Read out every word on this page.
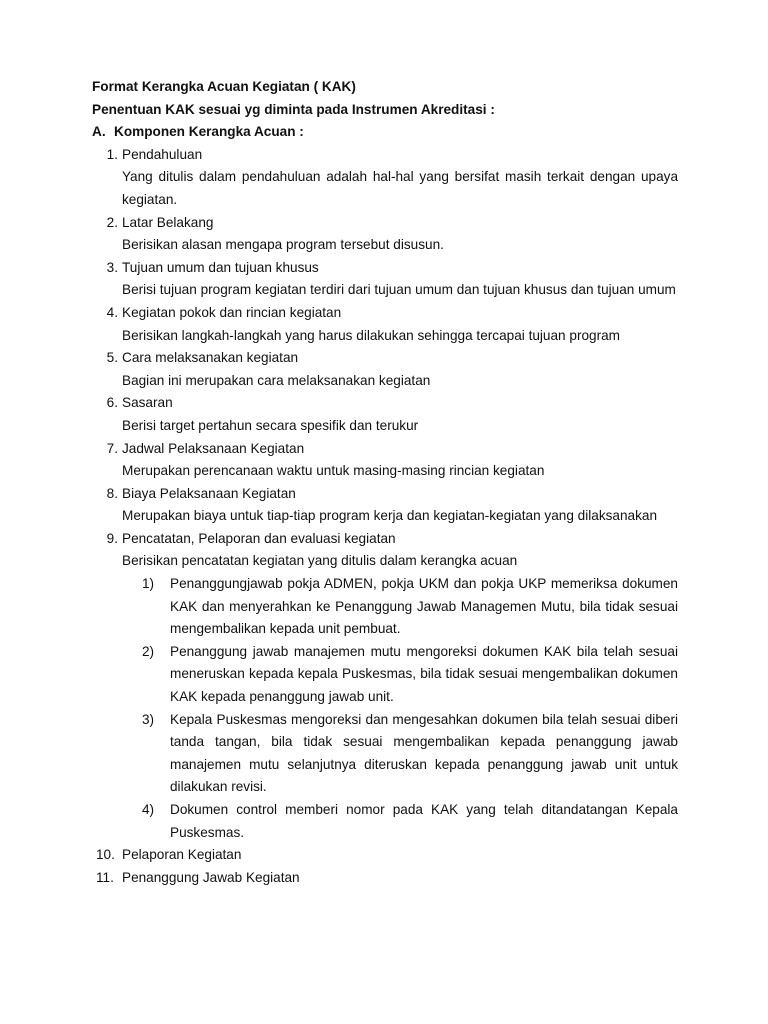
Format Kerangka Acuan Kegiatan ( KAK)

Penentuan KAK sesuai yg diminta pada Instrumen Akreditasi :

A. Komponen Kerangka Acuan :
1. Pendahuluan

Yang ditulis dalam pendahuluan adalah hal-hal yang bersifat masih terkait dengan upaya kegiatan.

2. Latar Belakang

Berisikan alasan mengapa program tersebut disusun.

3. Tujuan umum dan tujuan khusus

Berisi tujuan program kegiatan terdiri dari tujuan umum dan tujuan khusus dan tujuan umum

4. Kegiatan pokok dan rincian kegiatan

Berisikan langkah-langkah yang harus dilakukan sehingga tercapai tujuan program

5. Cara melaksanakan kegiatan

Bagian ini merupakan cara melaksanakan kegiatan

6. Sasaran

Berisi target pertahun secara spesifik dan terukur

7. Jadwal Pelaksanaan Kegiatan

Merupakan perencanaan waktu untuk masing-masing rincian kegiatan

8. Biaya Pelaksanaan Kegiatan

Merupakan biaya untuk tiap-tiap program kerja dan kegiatan-kegiatan yang dilaksanakan

9. Pencatatan, Pelaporan dan evaluasi kegiatan

Berisikan pencatatan kegiatan yang ditulis dalam kerangka acuan

1)	Penanggungjawab pokja ADMEN, pokja UKM dan pokja UKP memeriksa dokumen KAK dan menyerahkan ke Penanggung Jawab Managemen Mutu, bila tidak sesuai mengembalikan kepada unit pembuat.
2)	Penanggung jawab manajemen mutu mengoreksi dokumen KAK bila telah sesuai meneruskan kepada kepala Puskesmas, bila tidak sesuai mengembalikan dokumen KAK kepada penanggung jawab unit.
3)	Kepala Puskesmas mengoreksi dan mengesahkan dokumen bila telah sesuai diberi tanda tangan, bila tidak sesuai mengembalikan kepada penanggung jawab manajemen mutu selanjutnya diteruskan kepada penanggung jawab unit untuk dilakukan revisi.
4)	Dokumen control memberi nomor pada KAK yang telah ditandatangan Kepala Puskesmas.
10. Pelaporan Kegiatan

11. Penanggung Jawab Kegiatan
